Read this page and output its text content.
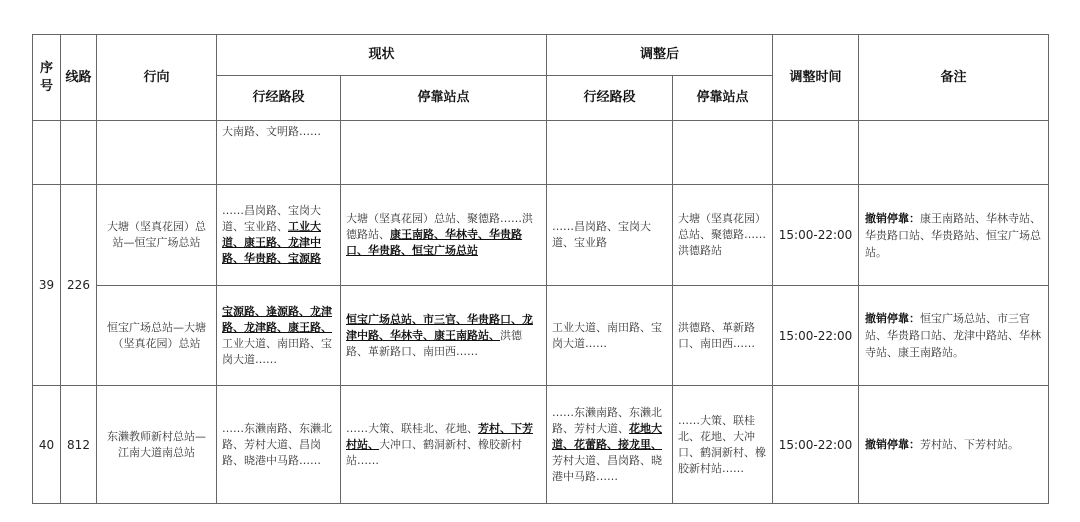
序号	线路	行向	现状		调整后		调整时间	备注
			行经路段	停靠站点	行经路段	停靠站点		
			大南路、文明路……					
39	226	大塘（坚真花园）总站—恒宝广场总站	……昌岗路、宝岗大道、宝业路、工业大道、康王路、龙津中路、华贵路、宝源路	大塘（坚真花园）总站、聚德路……洪德路站、康王南路、华林寺、华贵路口、华贵路、恒宝广场总站	……昌岗路、宝岗大道、宝业路	大塘（坚真花园）总站、聚德路……洪德路站	15:00-22:00	撤销停靠：康王南路站、华林寺站、华贵路口站、华贵路站、恒宝广场总站。
		恒宝广场总站—大塘（坚真花园）总站	宝源路、逢源路、龙津路、龙津路、康王路、工业大道、南田路、宝岗大道……	恒宝广场总站、市三官、华贵路口、龙津中路、华林寺、康王南路站、洪德路、革新路口、南田西……	工业大道、南田路、宝岗大道……	洪德路、革新路口、南田西……	15:00-22:00	撤销停靠：恒宝广场总站、市三官站、华贵路口站、龙津中路站、华林寺站、康王南路站。
40	812	东濑教师新村总站—江南大道南总站	……东濑南路、东濑北路、芳村大道、昌岗路、晓港中马路……	……大策、联桂北、花地、芳村、下芳村站、大冲口、鹤洞新村、橡胶新村站……	……东濑南路、东濑北路、芳村大道、花地大道、花蕾路、接龙里、芳村大道、昌岗路、晓港中马路……	……大策、联桂北、花地、大冲口、鹤洞新村、橡胶新村站……	15:00-22:00	撤销停靠：芳村站、下芳村站。
